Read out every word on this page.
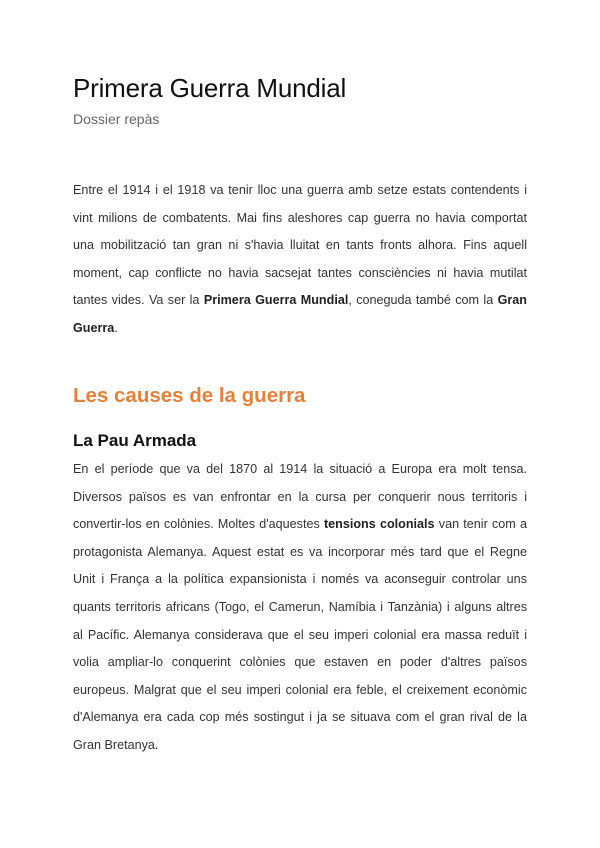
Primera Guerra Mundial
Dossier repàs

Entre el 1914 i el 1918 va tenir lloc una guerra amb setze estats contendents i vint milions de combatents. Mai fins aleshores cap guerra no havia comportat una mobilització tan gran ni s'havia lluitat en tants fronts alhora. Fins aquell moment, cap conflicte no havia sacsejat tantes consciències ni havia mutilat tantes vides. Va ser la Primera Guerra Mundial, coneguda també com la Gran Guerra.

Les causes de la guerra
La Pau Armada

En el període que va del 1870 al 1914 la situació a Europa era molt tensa. Diversos països es van enfrontar en la cursa per conquerir nous territoris i convertir-los en colònies. Moltes d'aquestes tensions colonials van tenir com a protagonista Alemanya. Aquest estat es va incorporar més tard que el Regne Unit i França a la política expansionista i només va aconseguir controlar uns quants territoris africans (Togo, el Camerun, Namíbia i Tanzània) i alguns altres al Pacífic. Alemanya considerava que el seu imperi colonial era massa reduït i volia ampliar-lo conquerint colònies que estaven en poder d'altres països europeus. Malgrat que el seu imperi colonial era feble, el creixement econòmic d'Alemanya era cada cop més sostingut i ja se situava com el gran rival de la Gran Bretanya.
